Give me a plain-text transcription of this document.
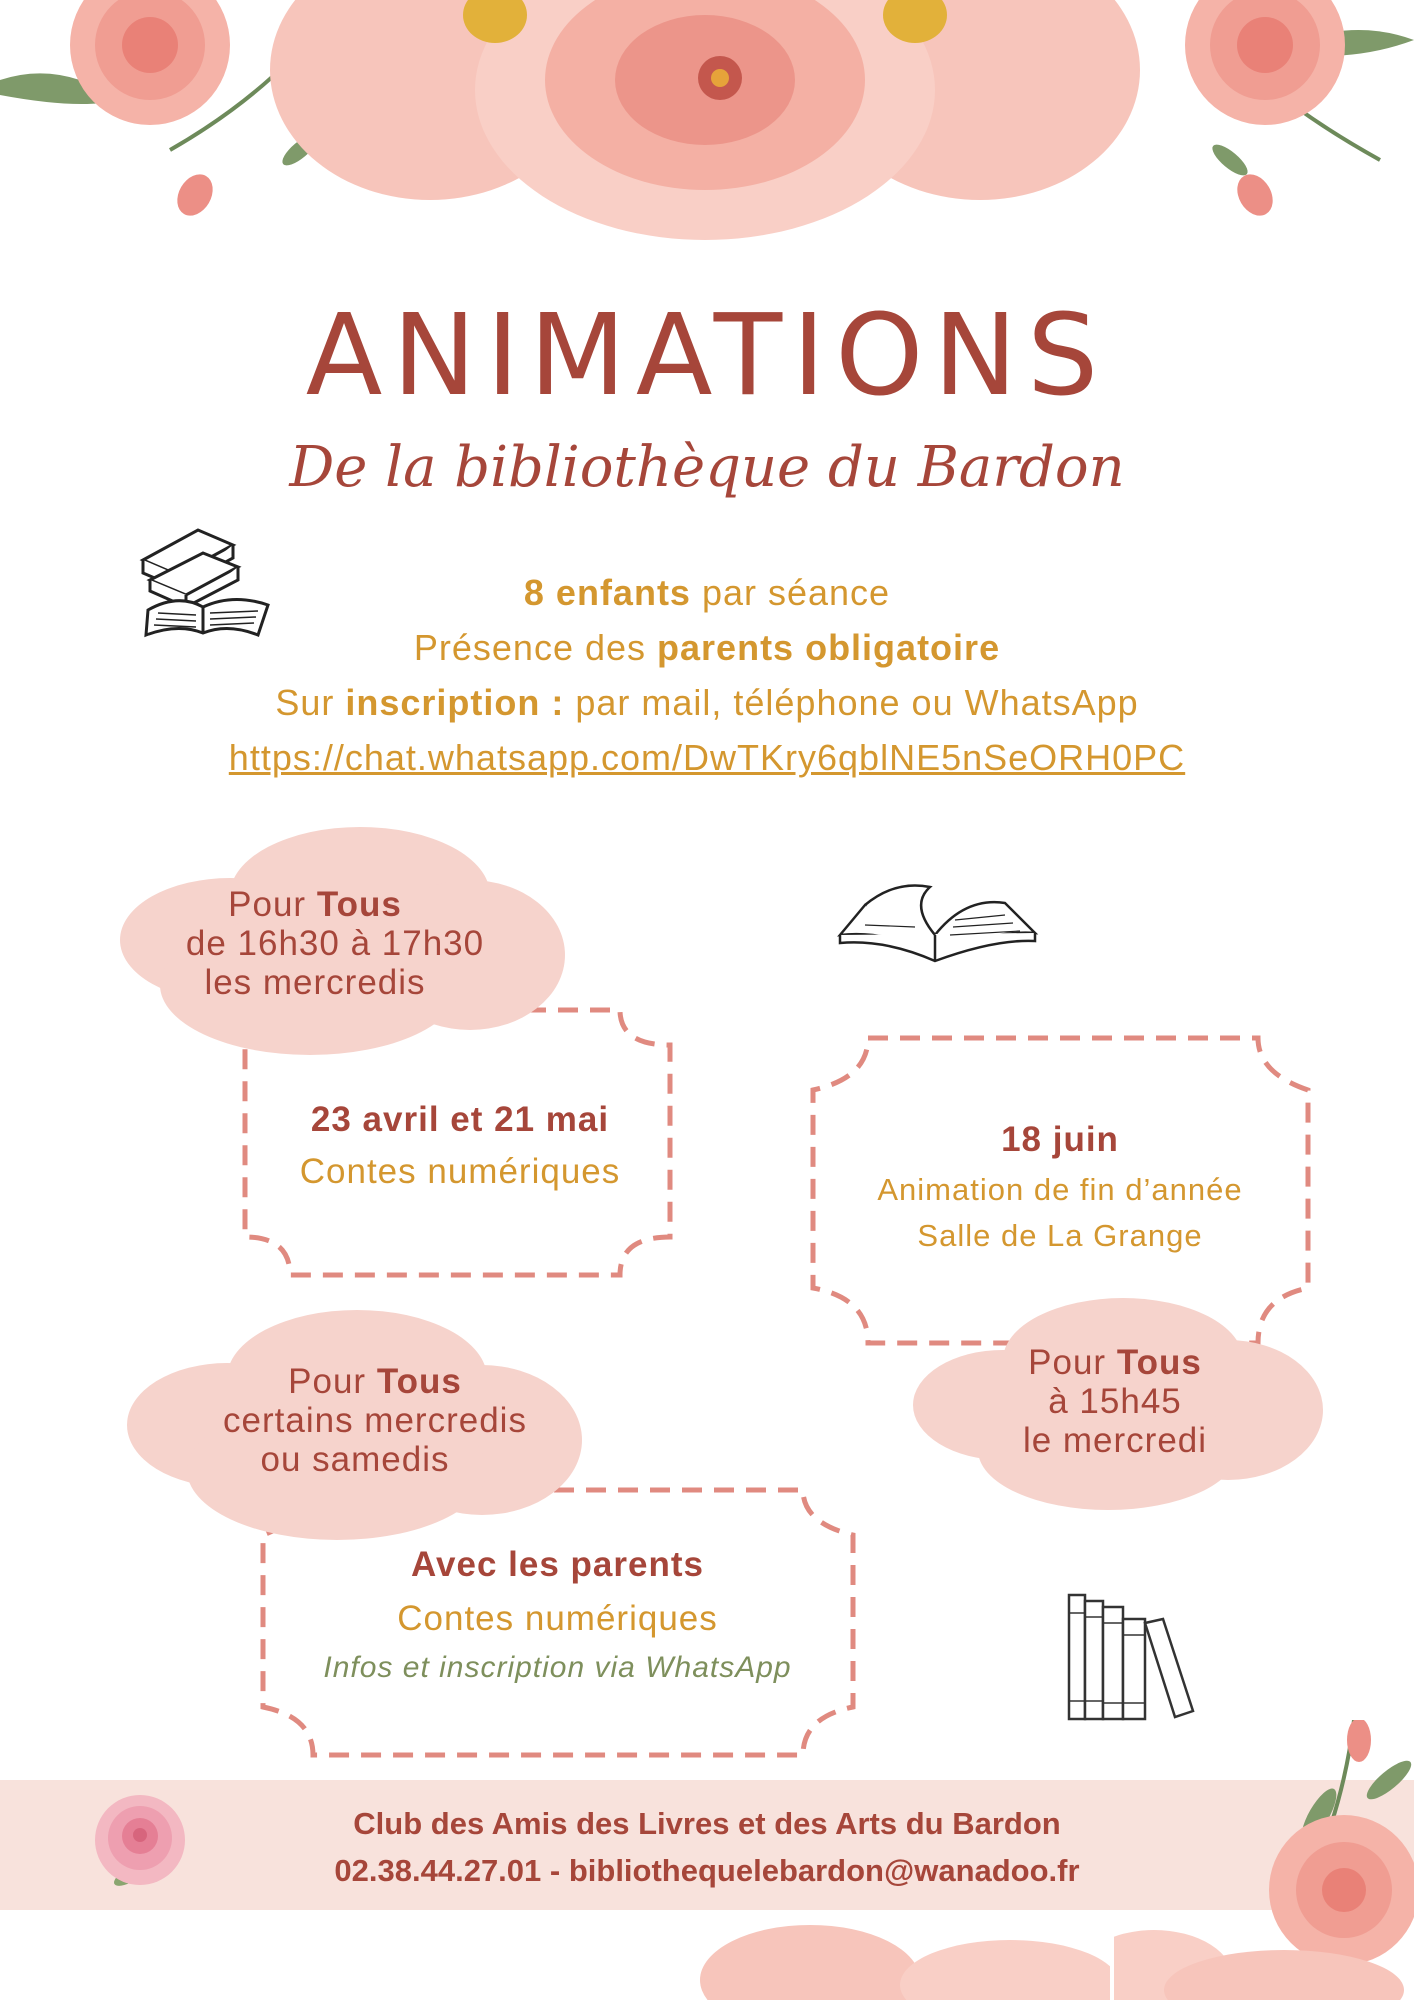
ANIMATIONS
De la bibliothèque du Bardon
8 enfants par séance
Présence des parents obligatoire
Sur inscription : par mail, téléphone ou WhatsApp
https://chat.whatsapp.com/DwTKry6qblNE5nSeORH0PC
Pour Tous
de 16h30 à 17h30
les mercredis
23 avril et 21 mai
Contes numériques
18 juin
Animation de fin d’année
Salle de La Grange
Pour Tous
à 15h45
le mercredi
Pour Tous
certains mercredis
ou samedis
Avec les parents
Contes numériques
Infos et inscription via WhatsApp
Club des Amis des Livres et des Arts du Bardon
02.38.44.27.01 - bibliothequelebardon@wanadoo.fr
